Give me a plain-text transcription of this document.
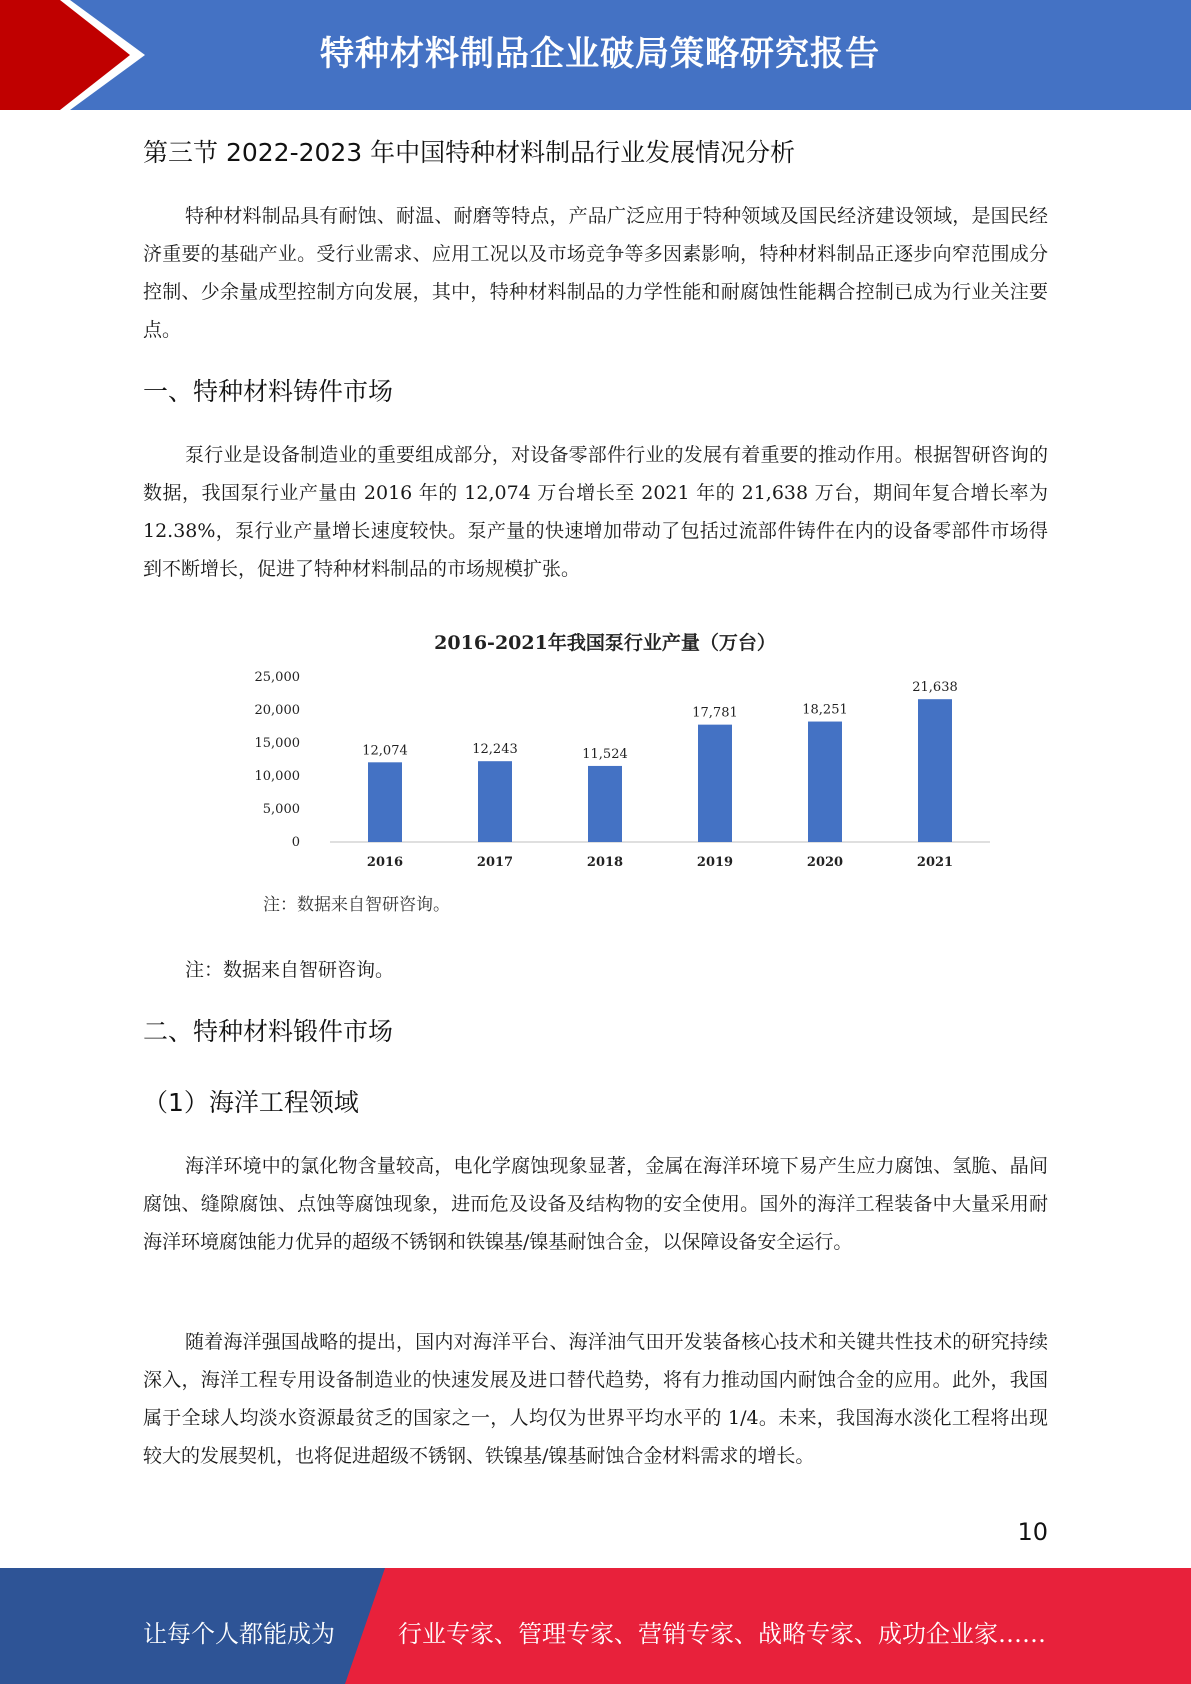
特种材料制品企业破局策略研究报告
第三节 2022-2023 年中国特种材料制品行业发展情况分析

特种材料制品具有耐蚀、耐温、耐磨等特点，产品广泛应用于特种领域及国民经济建设领域，是国民经济重要的基础产业。受行业需求、应用工况以及市场竞争等多因素影响，特种材料制品正逐步向窄范围成分控制、少余量成型控制方向发展，其中，特种材料制品的力学性能和耐腐蚀性能耦合控制已成为行业关注要点。

一、特种材料铸件市场

泵行业是设备制造业的重要组成部分，对设备零部件行业的发展有着重要的推动作用。根据智研咨询的数据，我国泵行业产量由 2016 年的 12,074 万台增长至 2021 年的 21,638 万台，期间年复合增长率为 12.38%，泵行业产量增长速度较快。泵产量的快速增加带动了包括过流部件铸件在内的设备零部件市场得到不断增长，促进了特种材料制品的市场规模扩张。

2016-2021年我国泵行业产量（万台）
0
5,000
10,000
15,000
20,000
25,000
12,074	12,243	11,524
17,781	18,251
21,638
2016	2017	2018	2019	2020	2021
注：数据来自智研咨询。
注：数据来自智研咨询。
二、特种材料锻件市场
（1）海洋工程领域

海洋环境中的氯化物含量较高，电化学腐蚀现象显著，金属在海洋环境下易产生应力腐蚀、氢脆、晶间腐蚀、缝隙腐蚀、点蚀等腐蚀现象，进而危及设备及结构物的安全使用。国外的海洋工程装备中大量采用耐海洋环境腐蚀能力优异的超级不锈钢和铁镍基/镍基耐蚀合金，以保障设备安全运行。

随着海洋强国战略的提出，国内对海洋平台、海洋油气田开发装备核心技术和关键共性技术的研究持续深入，海洋工程专用设备制造业的快速发展及进口替代趋势，将有力推动国内耐蚀合金的应用。此外，我国属于全球人均淡水资源最贫乏的国家之一，人均仅为世界平均水平的 1/4。未来，我国海水淡化工程将出现较大的发展契机，也将促进超级不锈钢、铁镍基/镍基耐蚀合金材料需求的增长。

10
让每个人都能成为	行业专家、管理专家、营销专家、战略专家、成功企业家……
